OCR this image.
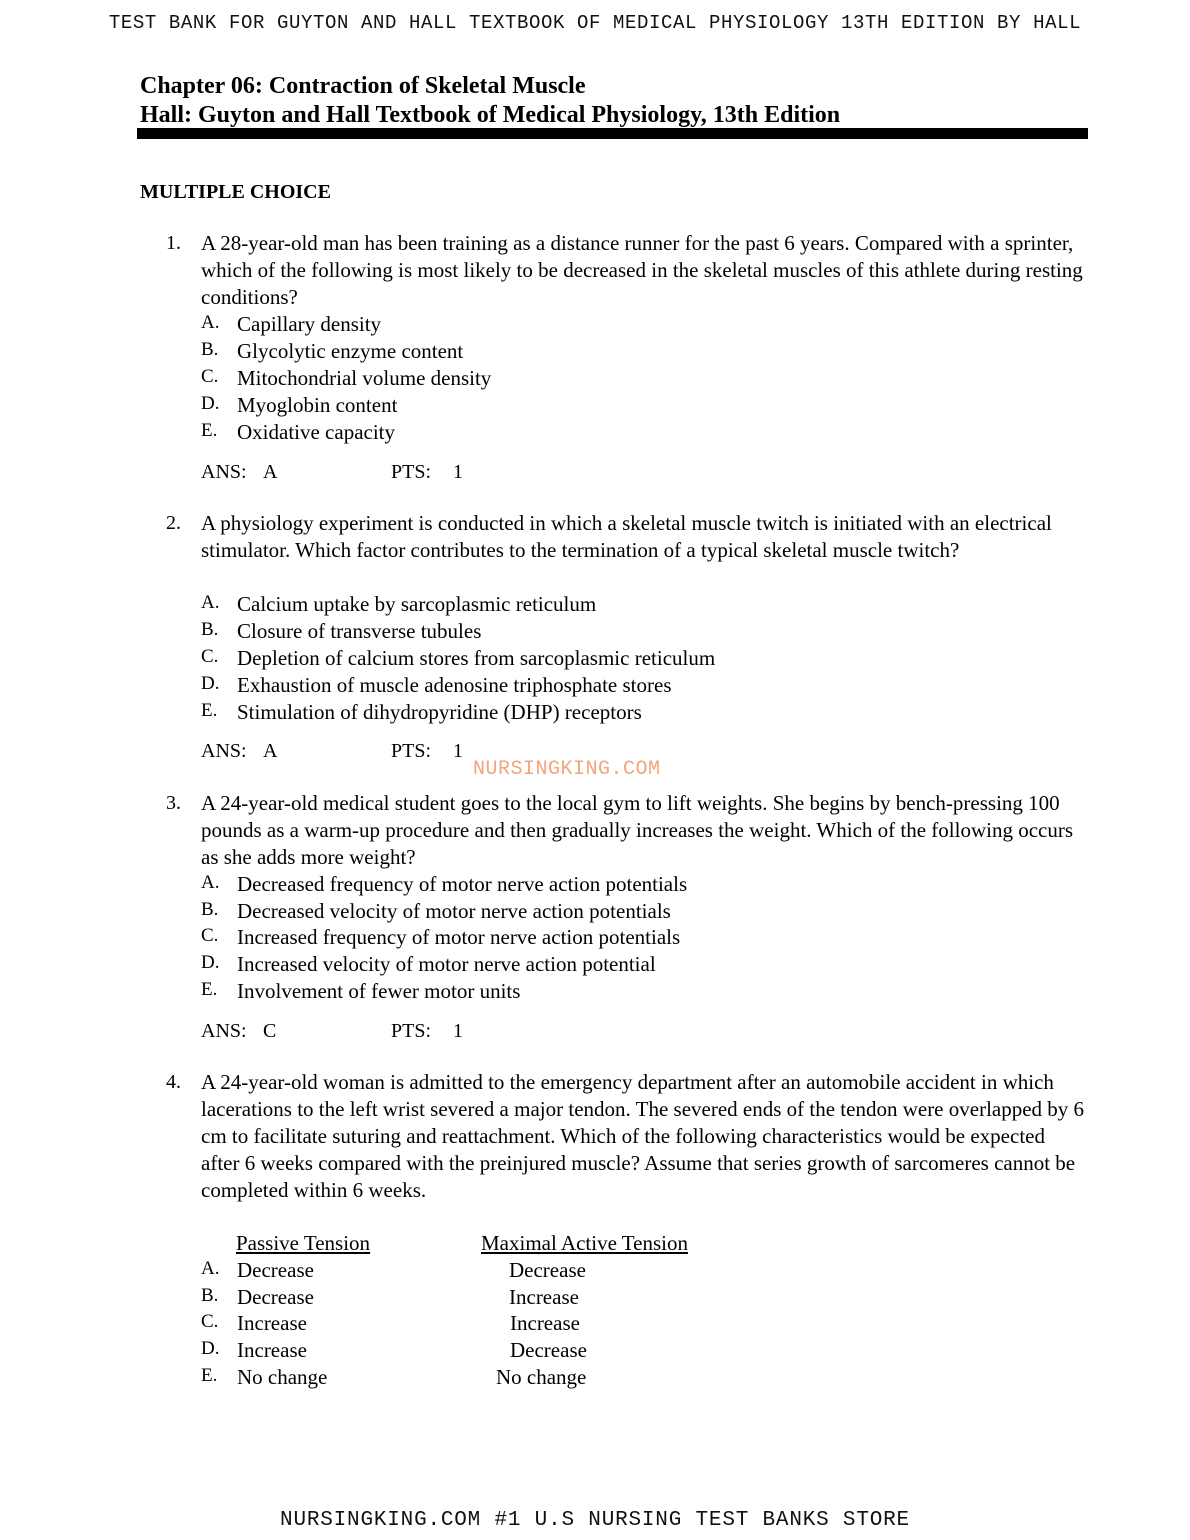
TEST BANK FOR GUYTON AND HALL TEXTBOOK OF MEDICAL PHYSIOLOGY 13TH EDITION BY HALL
Chapter 06: Contraction of Skeletal Muscle
Hall: Guyton and Hall Textbook of Medical Physiology, 13th Edition
MULTIPLE CHOICE
1. A 28-year-old man has been training as a distance runner for the past 6 years. Compared with a sprinter, which of the following is most likely to be decreased in the skeletal muscles of this athlete during resting conditions?
A. Capillary density
B. Glycolytic enzyme content
C. Mitochondrial volume density
D. Myoglobin content
E. Oxidative capacity
ANS: A	PTS: 1
2. A physiology experiment is conducted in which a skeletal muscle twitch is initiated with an electrical stimulator. Which factor contributes to the termination of a typical skeletal muscle twitch?
A. Calcium uptake by sarcoplasmic reticulum
B. Closure of transverse tubules
C. Depletion of calcium stores from sarcoplasmic reticulum
D. Exhaustion of muscle adenosine triphosphate stores
E. Stimulation of dihydropyridine (DHP) receptors
ANS: A	PTS: 1
NURSINGKING.COM
3. A 24-year-old medical student goes to the local gym to lift weights. She begins by bench-pressing 100 pounds as a warm-up procedure and then gradually increases the weight. Which of the following occurs as she adds more weight?
A. Decreased frequency of motor nerve action potentials
B. Decreased velocity of motor nerve action potentials
C. Increased frequency of motor nerve action potentials
D. Increased velocity of motor nerve action potential
E. Involvement of fewer motor units
ANS: C	PTS: 1
4. A 24-year-old woman is admitted to the emergency department after an automobile accident in which lacerations to the left wrist severed a major tendon. The severed ends of the tendon were overlapped by 6 cm to facilitate suturing and reattachment. Which of the following characteristics would be expected after 6 weeks compared with the preinjured muscle? Assume that series growth of sarcomeres cannot be completed within 6 weeks.
Passive Tension	Maximal Active Tension
A. Decrease	Decrease
B. Decrease	Increase
C. Increase	Increase
D. Increase	Decrease
E. No change	No change
NURSINGKING.COM #1 U.S NURSING TEST BANKS STORE
